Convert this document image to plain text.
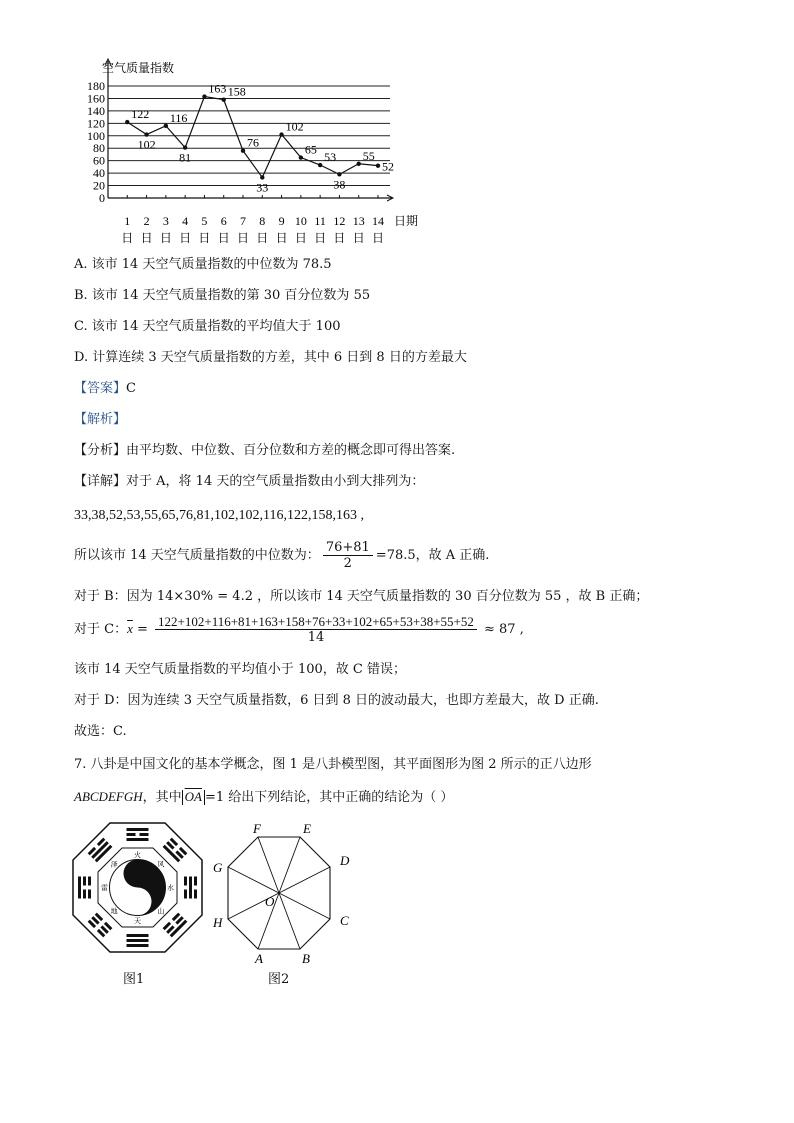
空气质量指数
0
20
40
60
80
100
120
140
160
180
1
日
2
日
3
日
4
日
5
日
6
日
7
日
8
日
9
日
10
日
11
日
12
日
13
日
14
日
日期
122
102
116
81
163 158
76
33
102
65
53
38
55
52
A. 该市 14 天空气质量指数的中位数为 78.5
B. 该市 14 天空气质量指数的第 30 百分位数为 55
C. 该市 14 天空气质量指数的平均值大于 100
D. 计算连续 3 天空气质量指数的方差，其中 6 日到 8 日的方差最大
【答案】C
【解析】
【分析】由平均数、中位数、百分位数和方差的概念即可得出答案.
【详解】对于 A，将 14 天的空气质量指数由小到大排列为：
33,38,52,53,55,65,76,81,102,102,116,122,158,163 ,
所以该市 14 天空气质量指数的中位数为： $\frac{76+81}{2} =78.5$，故 A 正确.
对于 B：因为 14×30% = 4.2 ，所以该市 14 天空气质量指数的 30 百分位数为 55 ，故 B 正确；
对于 C：$\overline{x} = \frac{122+102+116+81+163+158+76+33+102+65+53+38+55+52}{14} \approx 87$ ,
该市 14 天空气质量指数的平均值小于 100，故 C 错误；
对于 D：因为连续 3 天空气质量指数，6 日到 8 日的波动最大，也即方差最大，故 D 正确.
故选：C.
7. 八卦是中国文化的基本学概念，图 1 是八卦模型图，其平面图形为图 2 所示的正八边形
ABCDEFGH，其中 $\overline{OA} =1$ 给出下列结论，其中正确的结论为（ ）
火
风
水
山
天
地
雷
泽
图1
A	B
C
D
E
F
G
H
O
图2
